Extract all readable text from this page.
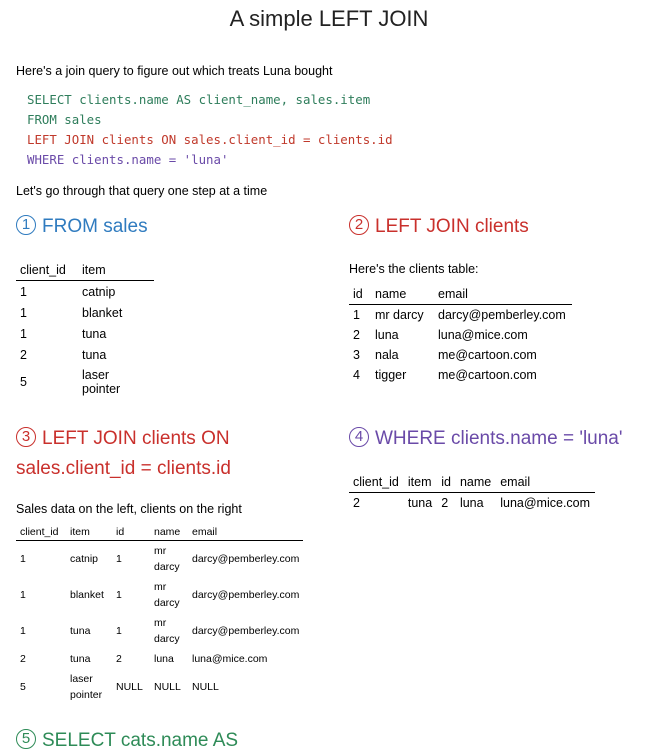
A simple LEFT JOIN
Here's a join query to figure out which treats Luna bought
SELECT clients.name AS client_name, sales.item
FROM sales
LEFT JOIN clients ON sales.client_id = clients.id
WHERE clients.name = 'luna'
Let's go through that query one step at a time
1 FROM sales
client_id	item
1	catnip
1	blanket
1	tuna
2	tuna
5	laser pointer
2 LEFT JOIN clients
Here's the clients table:
id	name	email
1	mr darcy	darcy@pemberley.com
2	luna	luna@mice.com
3	nala	me@cartoon.com
4	tigger	me@cartoon.com
3 LEFT JOIN clients ON
sales.client_id = clients.id
Sales data on the left, clients on the right
client_id	item	id	name	email
1	catnip	1	mr darcy	darcy@pemberley.com
1	blanket	1	mr darcy	darcy@pemberley.com
1	tuna	1	mr darcy	darcy@pemberley.com
2	tuna	2	luna	luna@mice.com
5	laser pointer	NULL	NULL	NULL
4 WHERE clients.name = 'luna'
client_id	item	id	name	email
2	tuna	2	luna	luna@mice.com
5 SELECT cats.name AS
